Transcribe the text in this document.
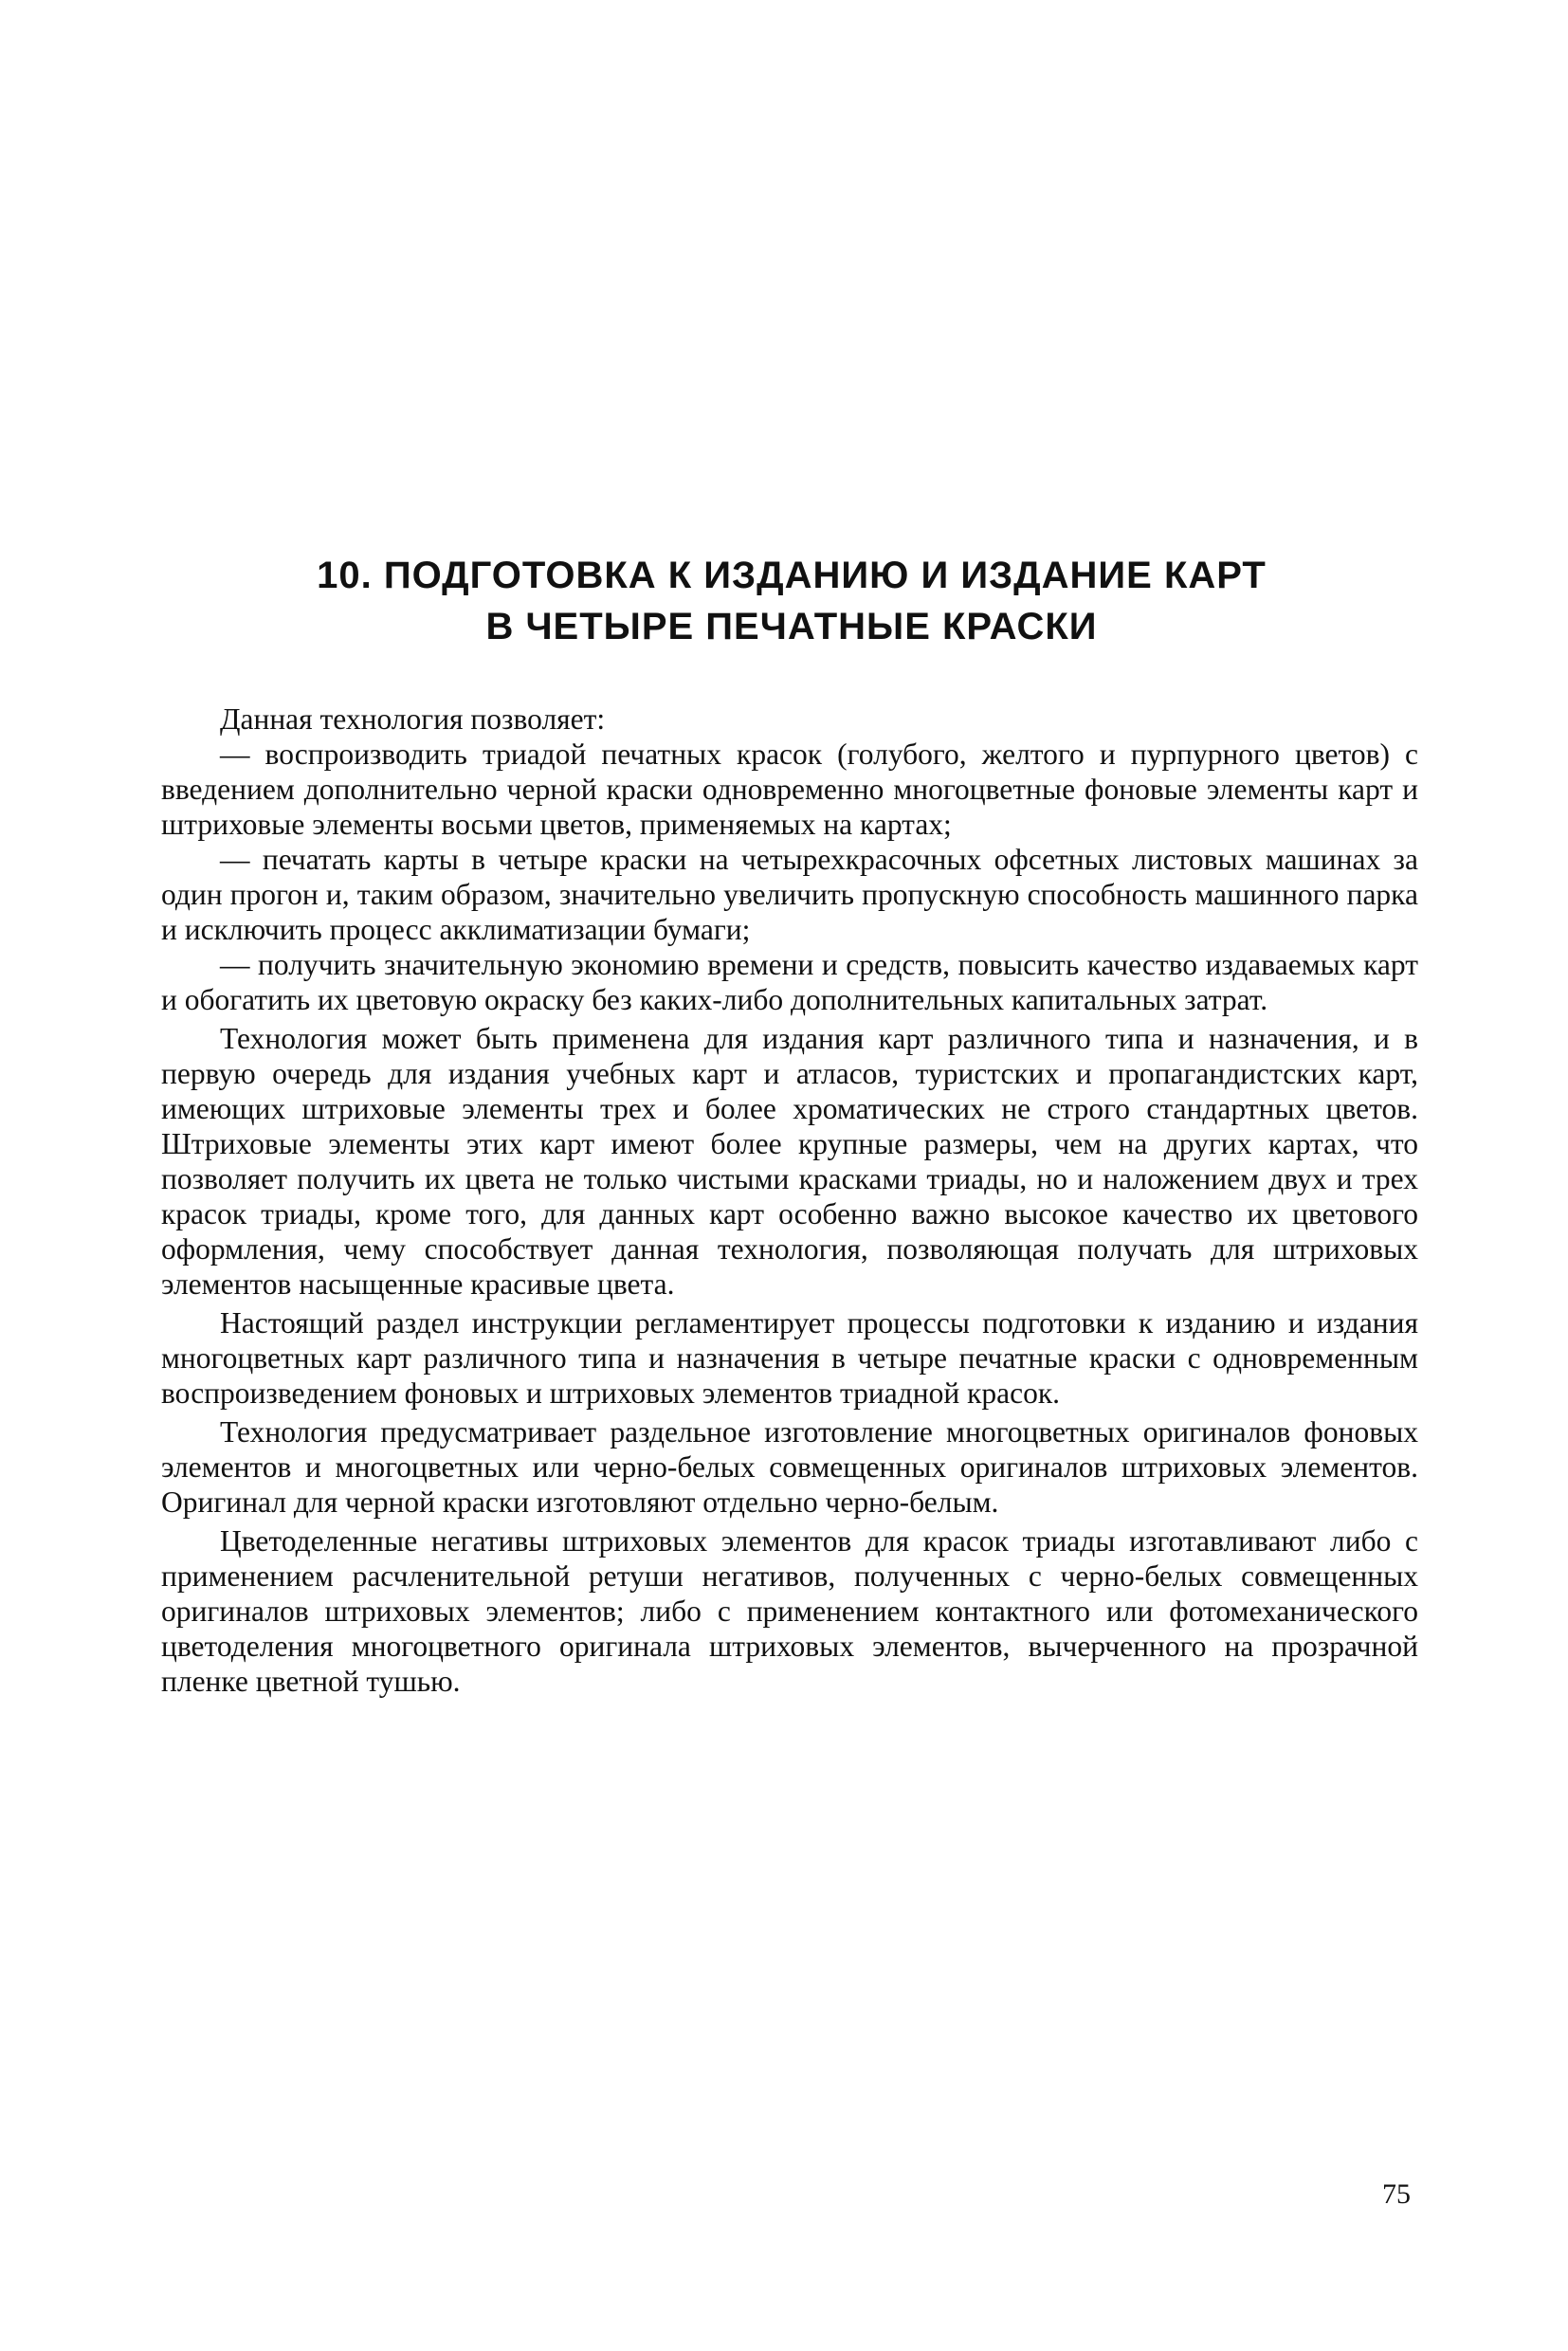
10. ПОДГОТОВКА К ИЗДАНИЮ И ИЗДАНИЕ КАРТ
В ЧЕТЫРЕ ПЕЧАТНЫЕ КРАСКИ

Данная технология позволяет:

— воспроизводить триадой печатных красок (голубого, желтого и пурпурного цветов) с введением дополнительно черной краски одновременно многоцветные фоновые элементы карт и штриховые элементы восьми цветов, применяемых на картах;

— печатать карты в четыре краски на четырехкрасочных офсетных листовых машинах за один прогон и, таким образом, значительно увеличить пропускную способность машинного парка и исключить процесс акклиматизации бумаги;

— получить значительную экономию времени и средств, повысить качество издаваемых карт и обогатить их цветовую окраску без каких-либо дополнительных капитальных затрат.

Технология может быть применена для издания карт различного типа и назначения, и в первую очередь для издания учебных карт и атласов, туристских и пропагандистских карт, имеющих штриховые элементы трех и более хроматических не строго стандартных цветов. Штриховые элементы этих карт имеют более крупные размеры, чем на других картах, что позволяет получить их цвета не только чистыми красками триады, но и наложением двух и трех красок триады, кроме того, для данных карт особенно важно высокое качество их цветового оформления, чему способствует данная технология, позволяющая получать для штриховых элементов насыщенные красивые цвета.

Настоящий раздел инструкции регламентирует процессы подготовки к изданию и издания многоцветных карт различного типа и назначения в четыре печатные краски с одновременным воспроизведением фоновых и штриховых элементов триадной красок.

Технология предусматривает раздельное изготовление многоцветных оригиналов фоновых элементов и многоцветных или черно-белых совмещенных оригиналов штриховых элементов. Оригинал для черной краски изготовляют отдельно черно-белым.

Цветоделенные негативы штриховых элементов для красок триады изготавливают либо с применением расчленительной ретуши негативов, полученных с черно-белых совмещенных оригиналов штриховых элементов; либо с применением контактного или фотомеханического цветоделения многоцветного оригинала штриховых элементов, вычерченного на прозрачной пленке цветной тушью.

75
